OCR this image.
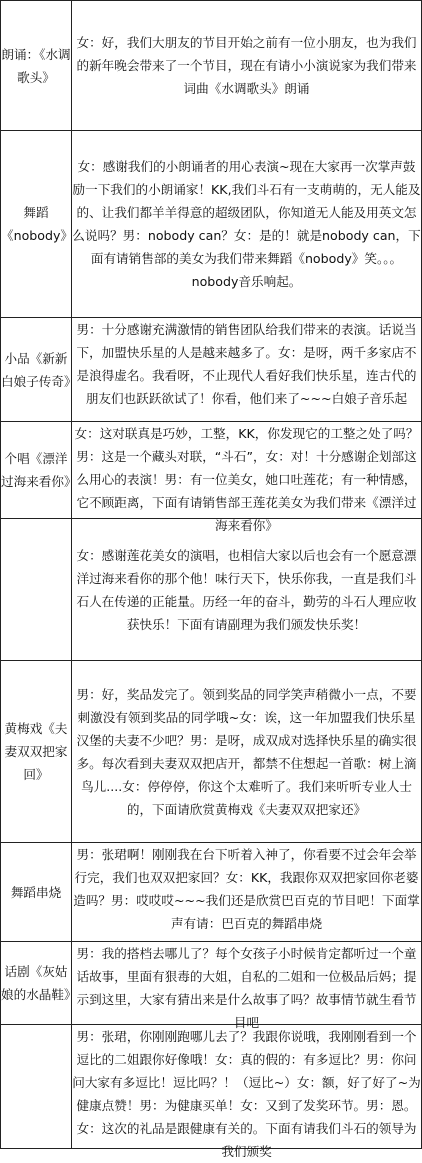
朗诵：《水调歌头》	女：好，我们大朋友的节目开始之前有一位小朋友，也为我们的新年晚会带来了一个节目，现在有请小小演说家为我们带来词曲《水调歌头》朗诵

舞蹈《nobody》	女：感谢我们的小朗诵者的用心表演~现在大家再一次掌声鼓励一下我们的小朗诵家！KK,我们斗石有一支萌萌的，无人能及的、让我们都羊羊得意的超级团队，你知道无人能及用英文怎么说吗？男：nobody can？女：是的！就是nobody can，下面有请销售部的美女为我们带来舞蹈《nobody》笑。。。nobody音乐响起。

小品《新新白娘子传奇》	男：十分感谢充满激情的销售团队给我们带来的表演。话说当下，加盟快乐星的人是越来越多了。女：是呀，两千多家店不是浪得虚名。我看呀，不止现代人看好我们快乐星，连古代的朋友们也跃跃欲试了！你看，他们来了~~~白娘子音乐起

个唱《漂洋过海来看你》	女：这对联真是巧妙，工整，KK，你发现它的工整之处了吗？男：这是一个藏头对联，“斗石”，女：对！十分感谢企划部这么用心的表演！男：有一位美女，她口吐莲花；有一种情感，它不顾距离，下面有请销售部王莲花美女为我们带来《漂洋过海来看你》

	女：感谢莲花美女的演唱，也相信大家以后也会有一个愿意漂洋过海来看你的那个他！味行天下，快乐你我，一直是我们斗石人在传递的正能量。历经一年的奋斗，勤劳的斗石人理应收获快乐！下面有请副理为我们颁发快乐奖！

黄梅戏《夫妻双双把家回》	男：好，奖品发完了。领到奖品的同学笑声稍微小一点，不要刺激没有领到奖品的同学哦~女：诶，这一年加盟我们快乐星汉堡的夫妻不少吧？男：是呀，成双成对选择快乐星的确实很多。每次看到夫妻双双把店开，都禁不住想起一首歌：树上滴鸟儿....女：停停停，你这个太难听了。我们来听听专业人士的，下面请欣赏黄梅戏《夫妻双双把家还》

舞蹈串烧	男：张珺啊！刚刚我在台下听着入神了，你看要不过会年会举行完，我们也双双把家回？女：KK，我跟你双双把家回你老婆造吗？男：哎哎哎~~~我们还是欣赏巴百克的节目吧！下面掌声有请：巴百克的舞蹈串烧

话剧《灰姑娘的水晶鞋》	男：我的搭档去哪儿了？每个女孩子小时候肯定都听过一个童话故事，里面有狠毒的大姐，自私的二姐和一位极品后妈；提示到这里，大家有猜出来是什么故事了吗？故事情节就生看节目吧

	男：张珺，你刚刚跑哪儿去了？我跟你说哦，我刚刚看到一个逗比的二姐跟你好像哦！女：真的假的：有多逗比？男：你问问大家有多逗比！逗比吗？！（逗比~）女：额，好了好了~为健康点赞！男：为健康买单！女：又到了发奖环节。男：恩。女：这次的礼品是跟健康有关的。下面有请我们斗石的领导为我们颁奖
